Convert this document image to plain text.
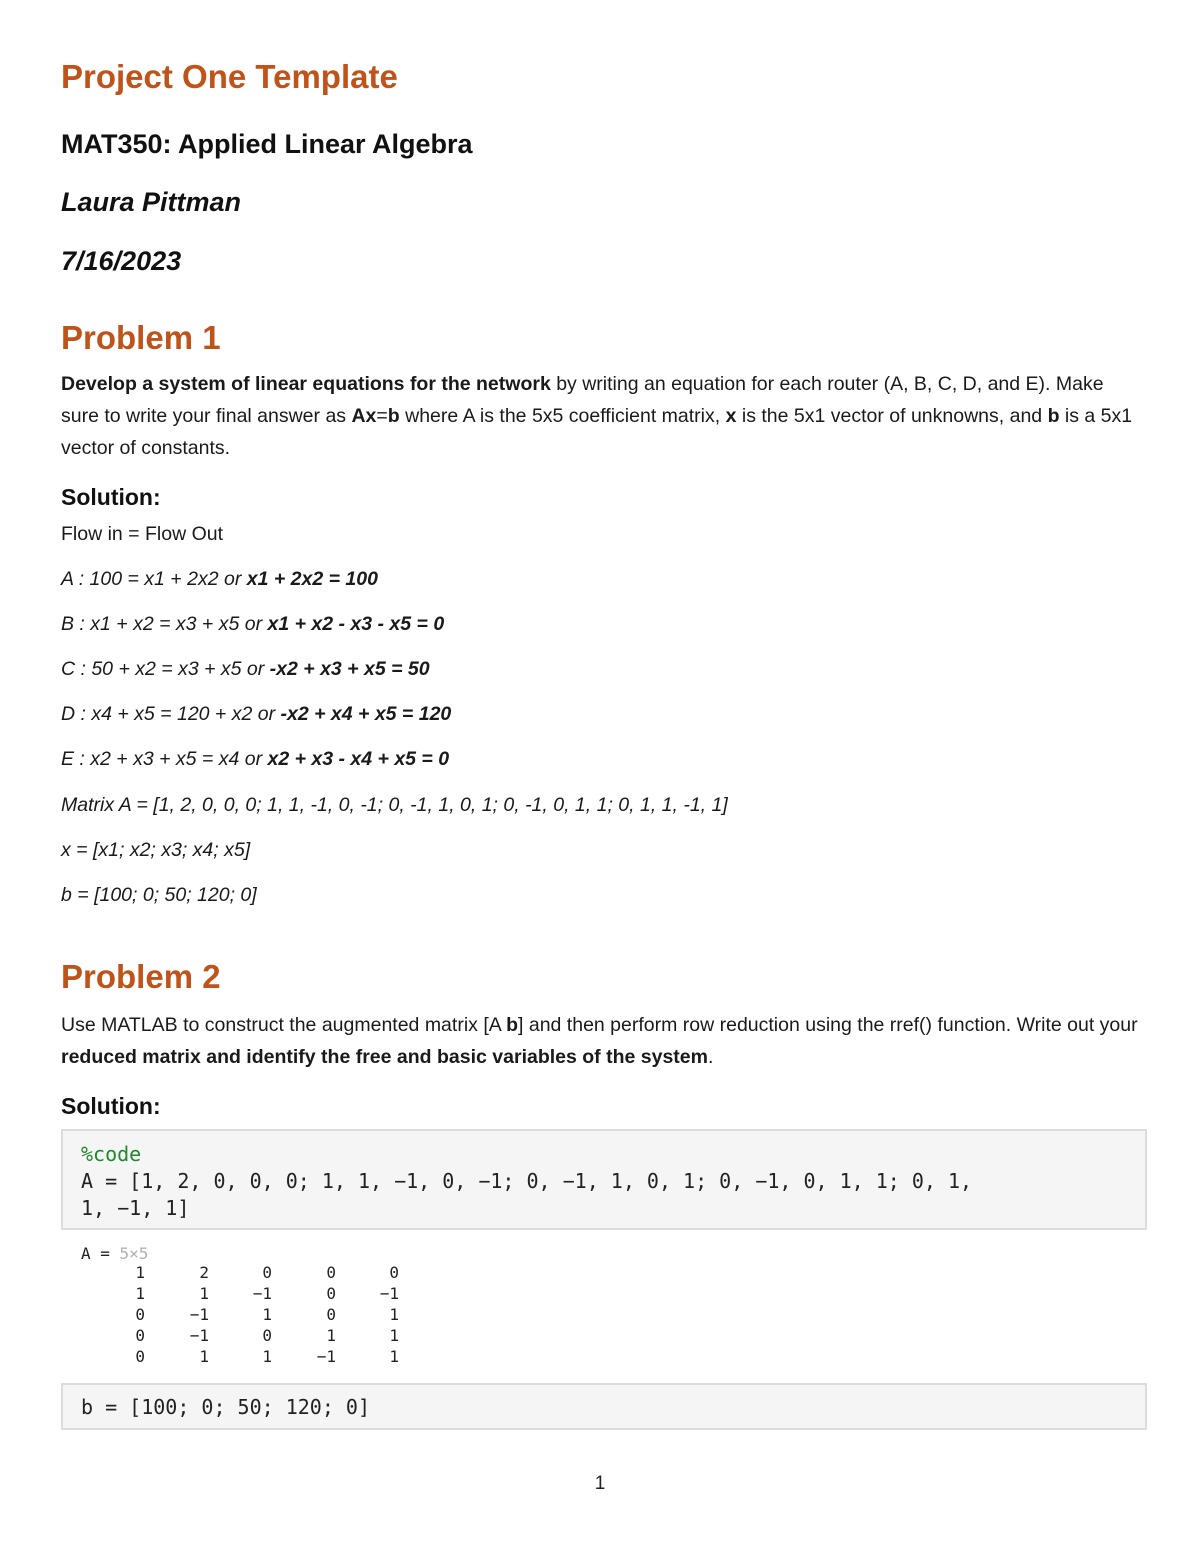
Project One Template
MAT350: Applied Linear Algebra
Laura Pittman
7/16/2023
Problem 1

Develop a system of linear equations for the network by writing an equation for each router (A, B, C, D, and E). Make sure to write your final answer as Ax=b where A is the 5x5 coefficient matrix, x is the 5x1 vector of unknowns, and b is a 5x1 vector of constants.

Solution:

Flow in = Flow Out

A : 100 = x1 + 2x2 or x1 + 2x2 = 100

B : x1 + x2 = x3 + x5 or x1 + x2 - x3 - x5 = 0

C : 50 + x2 = x3 + x5 or -x2 + x3 + x5 = 50

D : x4 + x5 = 120 + x2 or -x2 + x4 + x5 = 120

E : x2 + x3 + x5 = x4 or x2 + x3 - x4 + x5 = 0

Matrix A = [1, 2, 0, 0, 0; 1, 1, -1, 0, -1; 0, -1, 1, 0, 1; 0, -1, 0, 1, 1; 0, 1, 1, -1, 1]

x = [x1; x2; x3; x4; x5]

b = [100; 0; 50; 120; 0]

Problem 2

Use MATLAB to construct the augmented matrix [A b] and then perform row reduction using the rref() function. Write out your reduced matrix and identify the free and basic variables of the system.

Solution:
%code
A = [1, 2, 0, 0, 0; 1, 1, −1, 0, −1; 0, −1, 1, 0, 1; 0, −1, 0, 1, 1; 0, 1,
1, −1, 1]
A = 5×5
1	2	0	0	0
1	1	−1	0	−1
0	−1	1	0	1
0	−1	0	1	1
0	1	1	−1	1
b = [100; 0; 50; 120; 0]
1
